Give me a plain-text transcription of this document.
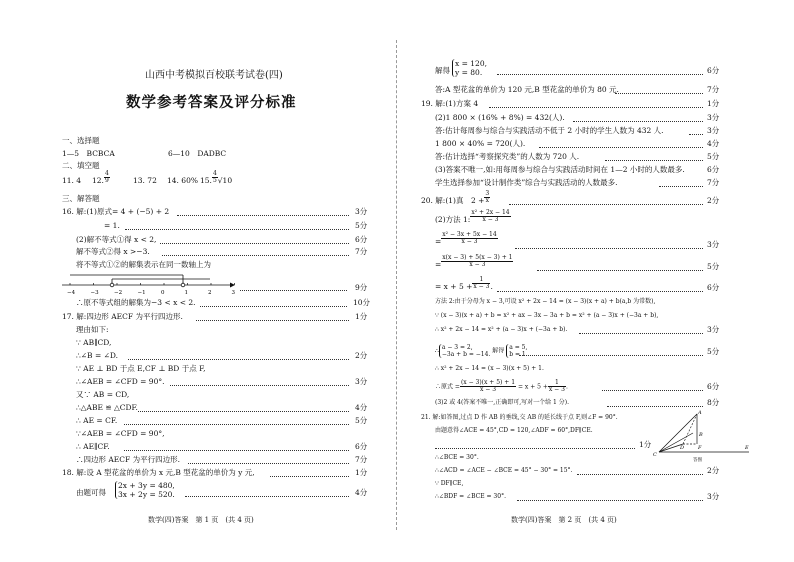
山西中考模拟百校联考试卷(四)
数学参考答案及评分标准
一、选择题
1—5　BCBCA	6—10　DADBC
二、填空题
11. 4 12. $\frac{4}{9}$	13. 72 14. 60% 15. $\frac{4}{5} √10$
三、解答题
16. 解:(1)原式= 4 + (−5) + 2	3分
= 1.	5分
(2)解不等式①得 x < 2,	6分
解不等式②得 x >−3.	7分
将不等式①②的解集表示在同一数轴上为
−4	−3	−2	−1	0	1	2	3
9分
∴原不等式组的解集为−3 < x < 2.	10分
17. 解:四边形 AECF 为平行四边形.	1分
理由如下:
∵ AB∥CD,
∴∠B = ∠D.	2分
∵ AE ⊥ BD 于点 E,CF ⊥ BD 于点 F,
∴∠AEB = ∠CFD = 90°.	3分
又∵ AB = CD,
∴△ABE ≌ △CDF.	4分
∴ AE = CF.	5分
∵∠AEB = ∠CFD = 90°,
∴ AE∥CF.	6分
∴四边形 AECF 为平行四边形.	7分
18. 解:设 A 型花盆的单价为 x 元,B 型花盆的单价为 y 元,	1分
由题可得
2x + 3y = 480,
3x + 2y = 520.	4分
数学(四)答案　第 1 页　(共 4 页)
解得
x = 120,
y = 80.	6分
答:A 型花盆的单价为 120 元,B 型花盆的单价为 80 元.	7分
19. 解:(1)方案 4	1分
(2)1 800 × (16% + 8%) = 432(人).	3分
答:估计每周参与综合与实践活动不低于 2 小时的学生人数为 432 人.	3分
1 800 × 40% = 720(人).	4分
答:估计选择“考察探究类”的人数为 720 人.	5分
(3)答案不唯一,如:用每周参与综合与实践活动时间在 1—2 小时的人数最多.	6分
学生选择参加“设计制作类”综合与实践活动的人数最多.	7分
20. 解:(1)真　$2 + \frac{3}{x}$	2分
(2)方法 1: $\frac{\text{x² + 2x − 14}}{x - 3}$
= $\frac{\text{x² − 3x + 5x − 14}}{x - 3}$	3分
= $\frac{x(x - 3) + 5(x - 3) + 1}{x - 3}$	5分
= $x + 5 + \frac{1}{x - 3}$ .	6分
方法 2:由于分母为 x − 3,可设 x² + 2x − 14 = (x − 3)(x + a) + b(a,b 为常数),
∵ (x − 3)(x + a) + b = x² + ax − 3x − 3a + b = x² + (a − 3)x + (−3a + b),
∴ x² + 2x − 14 = x² + (a − 3)x + (−3a + b).	3分
∴
a − 3 = 2,
−3a + b = −14. 解得
a = 5,
b = 1.	5分
∴ x² + 2x − 14 = (x − 3)(x + 5) + 1.
∴原式 = $\frac{(x - 3)(x + 5) + 1}{x - 3} = x + 5 + \frac{1}{x - 3}$ .	6分
(3)2 或 4(答案不唯一,正确即可,写对一个给 1 分).	8分
21. 解:如答图,过点 D 作 AB 的垂线,交 AB 的延长线于点 F,则∠F = 90°.
由题意得∠ACE = 45°,CD = 120,∠ADF = 60°,DF∥CE.
1分
∴∠BCE = 30°.
∴∠ACD = ∠ACE − ∠BCE = 45° − 30° = 15°.	2分
∵ DF∥CE,
∴∠BDF = ∠BCE = 30°.	3分
A
B
C
D	E
F
答图
数学(四)答案　第 2 页　(共 4 页)
